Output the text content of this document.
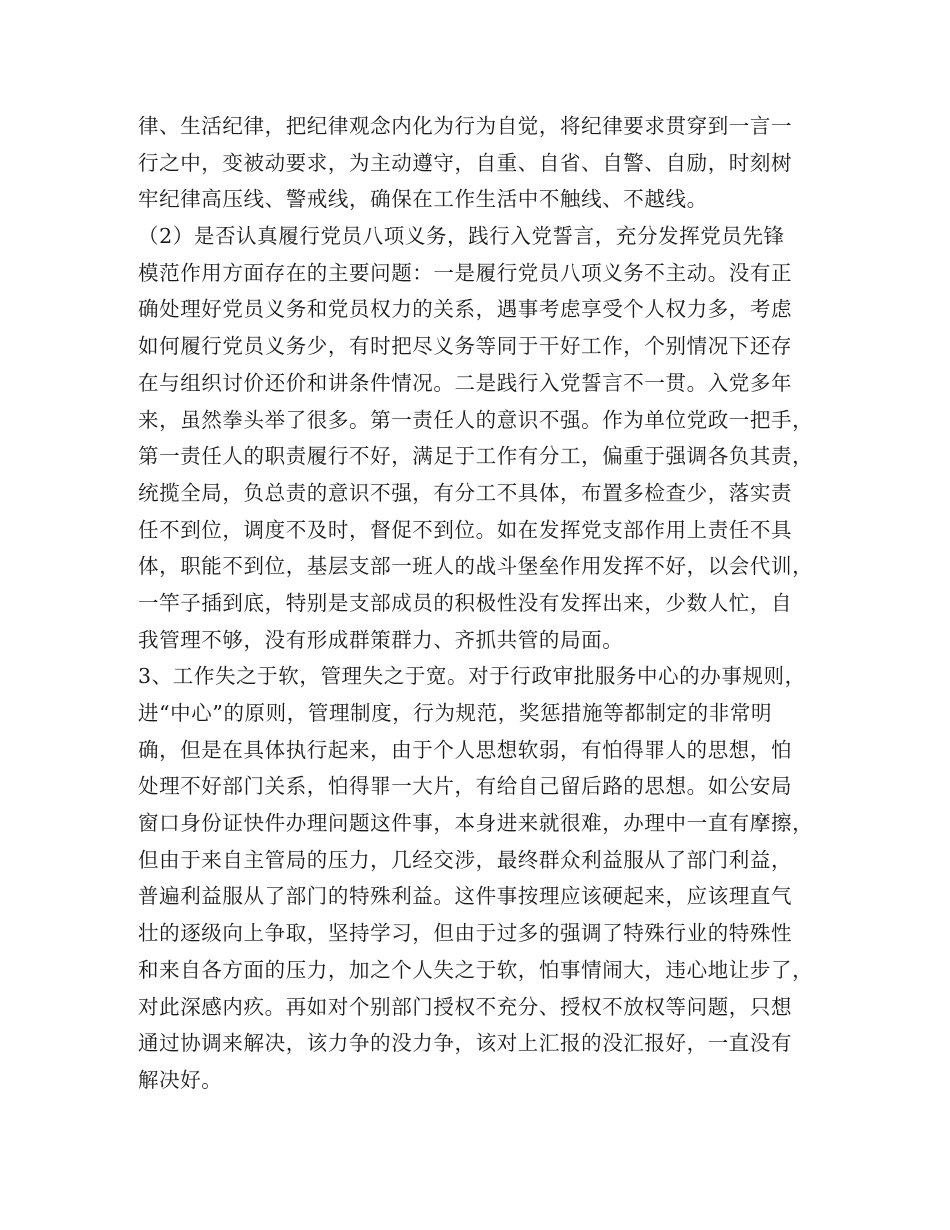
律、生活纪律，把纪律观念内化为行为自觉，将纪律要求贯穿到一言一
行之中，变被动要求，为主动遵守，自重、自省、自警、自励，时刻树
牢纪律高压线、警戒线，确保在工作生活中不触线、不越线。
（2）是否认真履行党员八项义务，践行入党誓言，充分发挥党员先锋
模范作用方面存在的主要问题：一是履行党员八项义务不主动。没有正
确处理好党员义务和党员权力的关系，遇事考虑享受个人权力多，考虑
如何履行党员义务少，有时把尽义务等同于干好工作，个别情况下还存
在与组织讨价还价和讲条件情况。二是践行入党誓言不一贯。入党多年
来，虽然拳头举了很多。第一责任人的意识不强。作为单位党政一把手，
第一责任人的职责履行不好，满足于工作有分工，偏重于强调各负其责，
统揽全局，负总责的意识不强，有分工不具体，布置多检查少，落实责
任不到位，调度不及时，督促不到位。如在发挥党支部作用上责任不具
体，职能不到位，基层支部一班人的战斗堡垒作用发挥不好，以会代训，
一竿子插到底，特别是支部成员的积极性没有发挥出来，少数人忙，自
我管理不够，没有形成群策群力、齐抓共管的局面。
3、工作失之于软，管理失之于宽。对于行政审批服务中心的办事规则，
进“中心”的原则，管理制度，行为规范，奖惩措施等都制定的非常明
确，但是在具体执行起来，由于个人思想软弱，有怕得罪人的思想，怕
处理不好部门关系，怕得罪一大片，有给自己留后路的思想。如公安局
窗口身份证快件办理问题这件事，本身进来就很难，办理中一直有摩擦，
但由于来自主管局的压力，几经交涉，最终群众利益服从了部门利益，
普遍利益服从了部门的特殊利益。这件事按理应该硬起来，应该理直气
壮的逐级向上争取，坚持学习，但由于过多的强调了特殊行业的特殊性
和来自各方面的压力，加之个人失之于软，怕事情闹大，违心地让步了，
对此深感内疚。再如对个别部门授权不充分、授权不放权等问题，只想
通过协调来解决，该力争的没力争，该对上汇报的没汇报好，一直没有
解决好。
